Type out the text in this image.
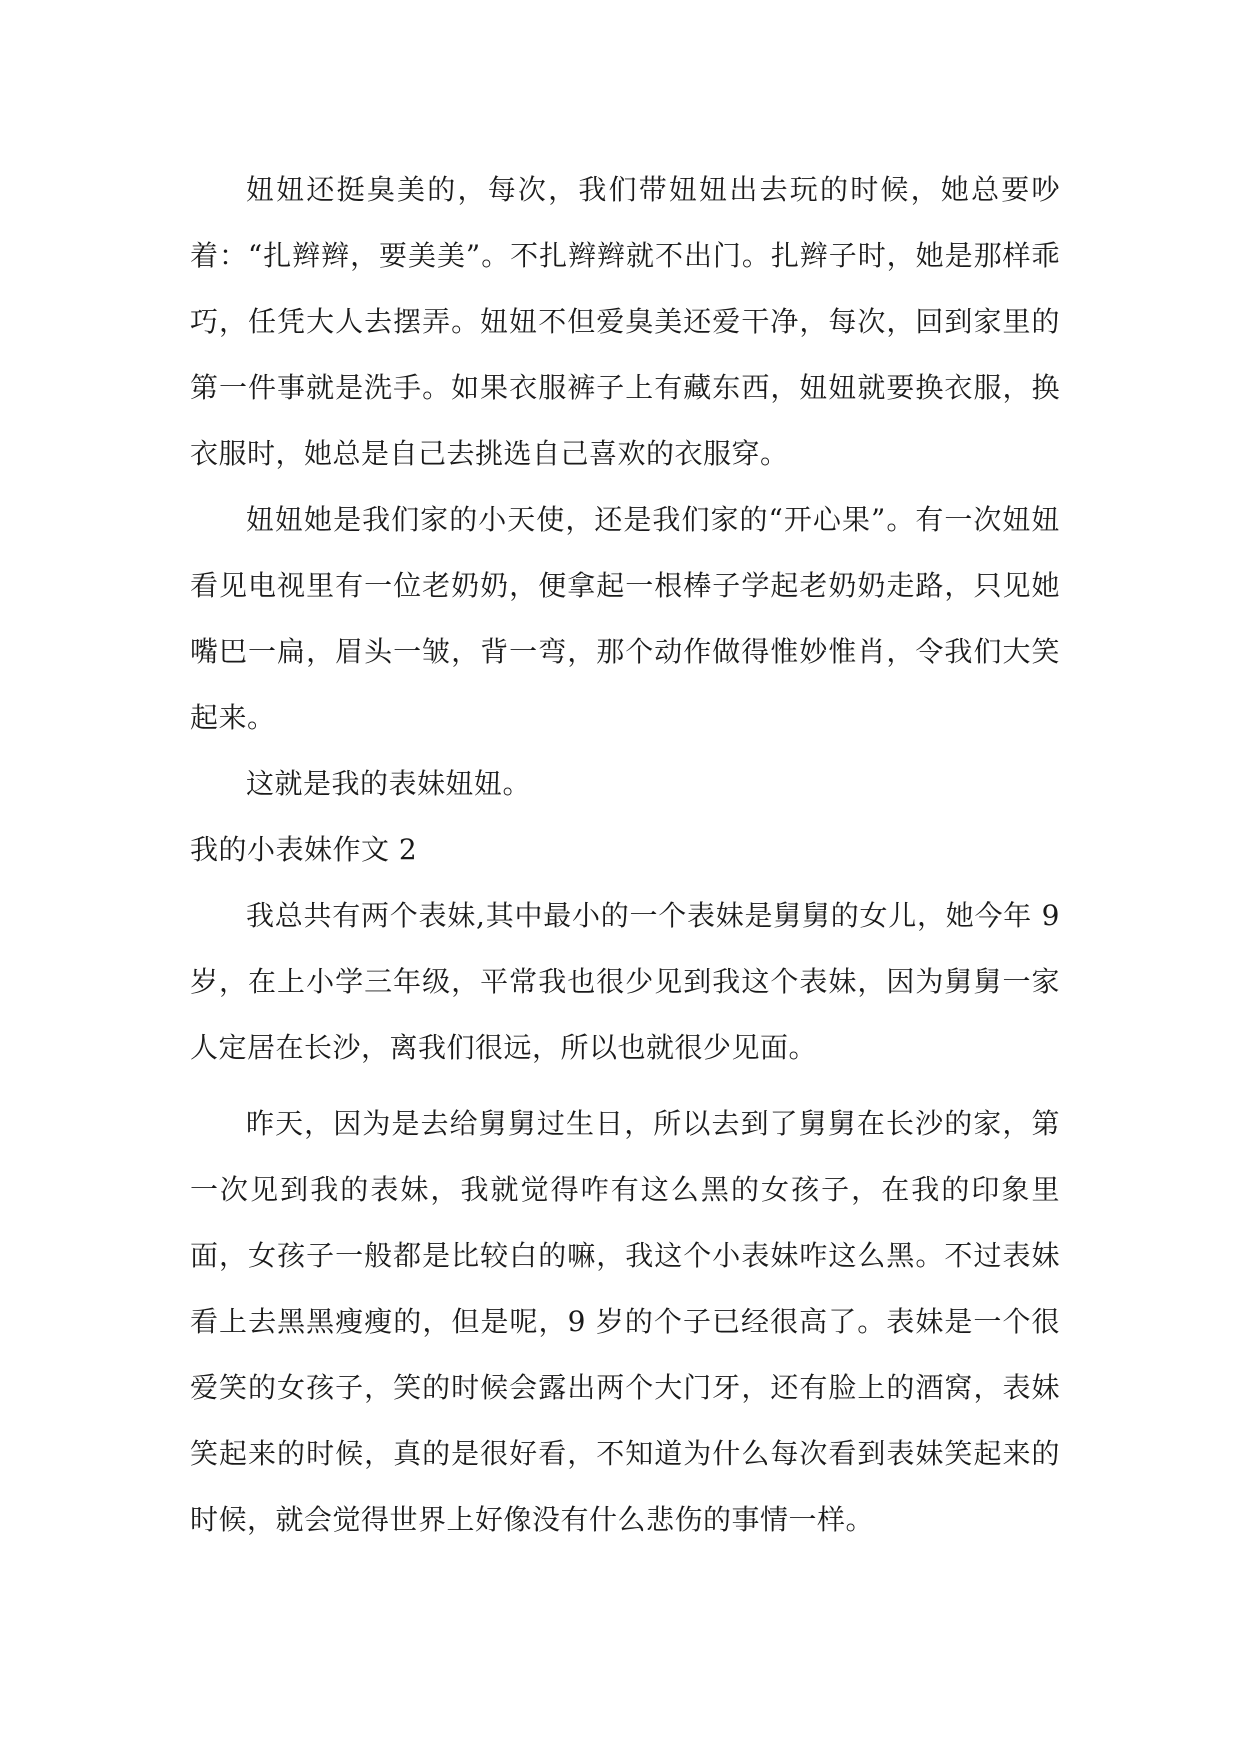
妞妞还挺臭美的，每次，我们带妞妞出去玩的时候，她总要吵着：“扎辫辫，要美美”。不扎辫辫就不出门。扎辫子时，她是那样乖巧，任凭大人去摆弄。妞妞不但爱臭美还爱干净，每次，回到家里的第一件事就是洗手。如果衣服裤子上有藏东西，妞妞就要换衣服，换衣服时，她总是自己去挑选自己喜欢的衣服穿。

妞妞她是我们家的小天使，还是我们家的“开心果”。有一次妞妞看见电视里有一位老奶奶，便拿起一根棒子学起老奶奶走路，只见她嘴巴一扁，眉头一皱，背一弯，那个动作做得惟妙惟肖，令我们大笑起来。

这就是我的表妹妞妞。

我的小表妹作文 2

我总共有两个表妹,其中最小的一个表妹是舅舅的女儿，她今年 9 岁，在上小学三年级，平常我也很少见到我这个表妹，因为舅舅一家人定居在长沙，离我们很远，所以也就很少见面。

昨天，因为是去给舅舅过生日，所以去到了舅舅在长沙的家，第一次见到我的表妹，我就觉得咋有这么黑的女孩子，在我的印象里面，女孩子一般都是比较白的嘛，我这个小表妹咋这么黑。不过表妹看上去黑黑瘦瘦的，但是呢，9 岁的个子已经很高了。表妹是一个很爱笑的女孩子，笑的时候会露出两个大门牙，还有脸上的酒窝，表妹笑起来的时候，真的是很好看，不知道为什么每次看到表妹笑起来的时候，就会觉得世界上好像没有什么悲伤的事情一样。
